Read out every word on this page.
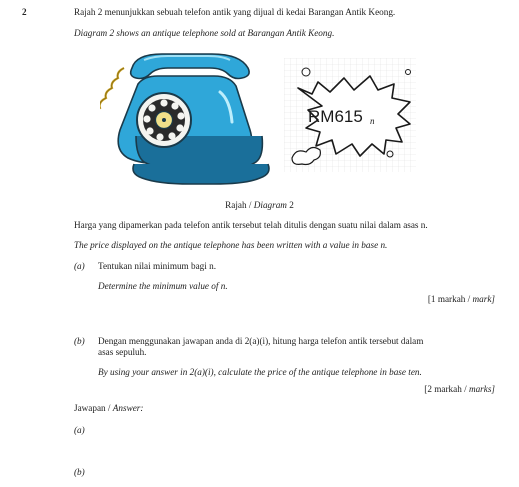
2	Rajah 2 menunjukkan sebuah telefon antik yang dijual di kedai Barangan Antik Keong.
Diagram 2 shows an antique telephone sold at Barangan Antik Keong.
RM615 n
Rajah / Diagram 2
Harga yang dipamerkan pada telefon antik tersebut telah ditulis dengan suatu nilai dalam asas n.
The price displayed on the antique telephone has been written with a value in base n.
(a) Tentukan nilai minimum bagi n.
Determine the minimum value of n.
[1 markah / mark]
(b) Dengan menggunakan jawapan anda di 2(a)(i), hitung harga telefon antik tersebut dalam
asas sepuluh.
By using your answer in 2(a)(i), calculate the price of the antique telephone in base ten.
[2 markah / marks]
Jawapan / Answer:
(a)
(b)
